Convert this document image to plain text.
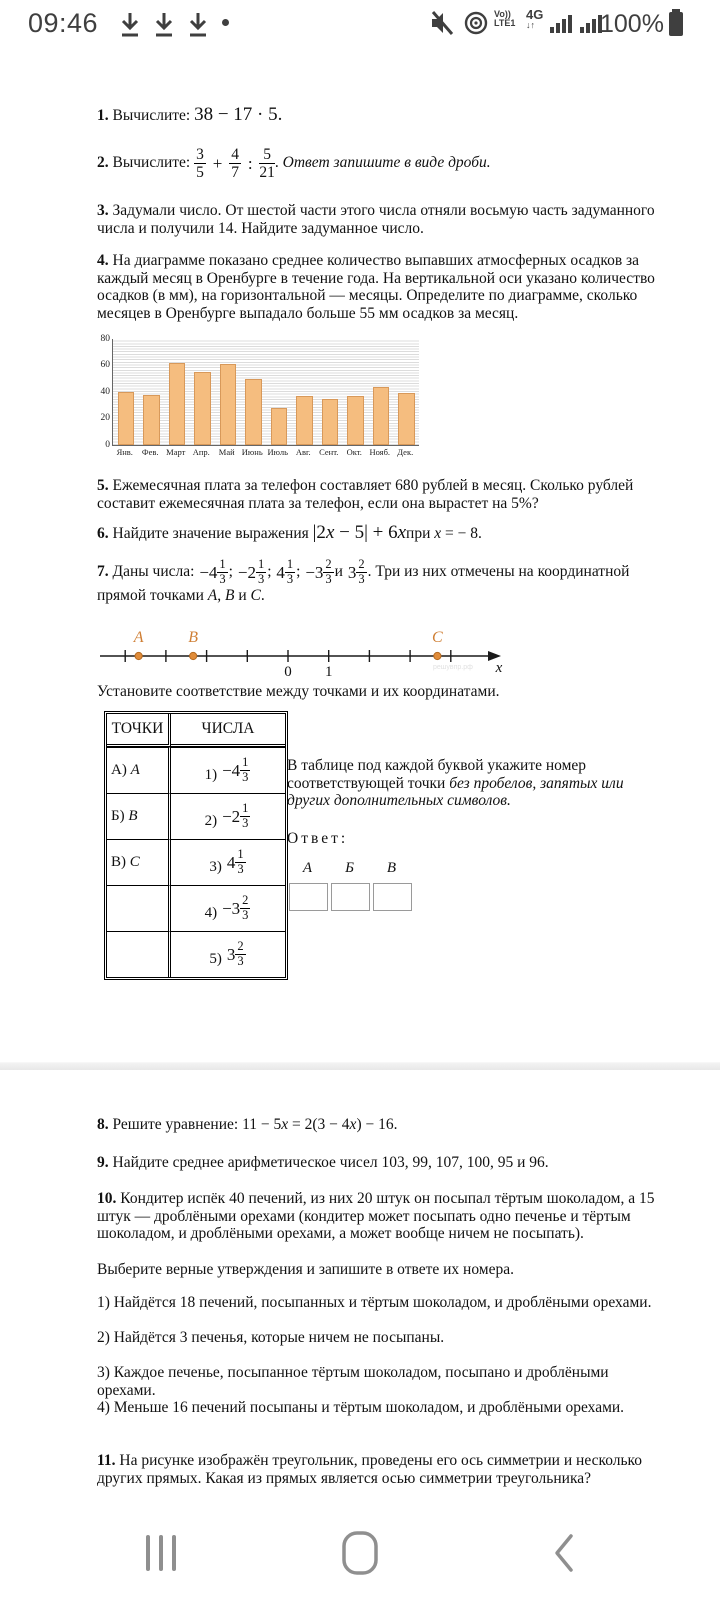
09:46	Vo))
LTE1
4G
↓↑	100%
1. Вычислите: 38 − 17 · 5.
2. Вычислите: $\frac{3}{5} + \frac{4}{7}$ : $\frac{5}{21}$ . Ответ запишите в виде дроби.
3. Задумали число. От шестой части этого числа отняли восьмую часть задуманного числа и получили 14. Найдите задуманное число.
4. На диаграмме показано среднее количество выпавших атмосферных осадков за каждый месяц в Оренбурге в течение года. На вертикальной оси указано количество осадков (в мм), на горизонтальной — месяцы. Определите по диаграмме, сколько месяцев в Оренбурге выпадало больше 55 мм осадков за месяц.
0
20
40
60
80
Янв.	Фев. Март Апр.	Май Июнь Июль Авг. Сент. Окт. Нояб. Дек.
5. Ежемесячная плата за телефон составляет 680 рублей в месяц. Сколько рублей составит ежемесячная плата за телефон, если она вырастет на 5%?
6. Найдите значение выражения |2x − 5| + 6xпри x = − 8.
7. Даны числа: −4 1
3 ; −2 1
3 ; 4 1
3 ; −3 2
3 и 3 2
3 . Три из них отмечены на координатной прямой точками A, B и C.
A	B	C
0 1	x
решувпр.рф
Установите соответствие между точками и их координатами.
ТОЧКИ	ЧИСЛА
А) A	1) −4 1
3

Б) B	2) −2 1
3

В) C	3) 4 1
3

	4) −3 2
3

	5) 3 2
3
В таблице под каждой буквой укажите номер соответствующей точки без пробелов, запятых или других дополнительных символов.
Ответ:
А	Б	В
8. Решите уравнение: 11 − 5x = 2(3 − 4x) − 16.
9. Найдите среднее арифметическое чисел 103, 99, 107, 100, 95 и 96.
10. Кондитер испёк 40 печений, из них 20 штук он посыпал тёртым шоколадом, а 15 штук — дроблёными орехами (кондитер может посыпать одно печенье и тёртым шоколадом, и дроблёными орехами, а может вообще ничем не посыпать).
Выберите верные утверждения и запишите в ответе их номера.
1) Найдётся 18 печений, посыпанных и тёртым шоколадом, и дроблёными орехами.
2) Найдётся 3 печенья, которые ничем не посыпаны.
3) Каждое печенье, посыпанное тёртым шоколадом, посыпано и дроблёными орехами.
4) Меньше 16 печений посыпаны и тёртым шоколадом, и дроблёными орехами.
11. На рисунке изображён треугольник, проведены его ось симметрии и несколько других прямых. Какая из прямых является осью симметрии треугольника?
